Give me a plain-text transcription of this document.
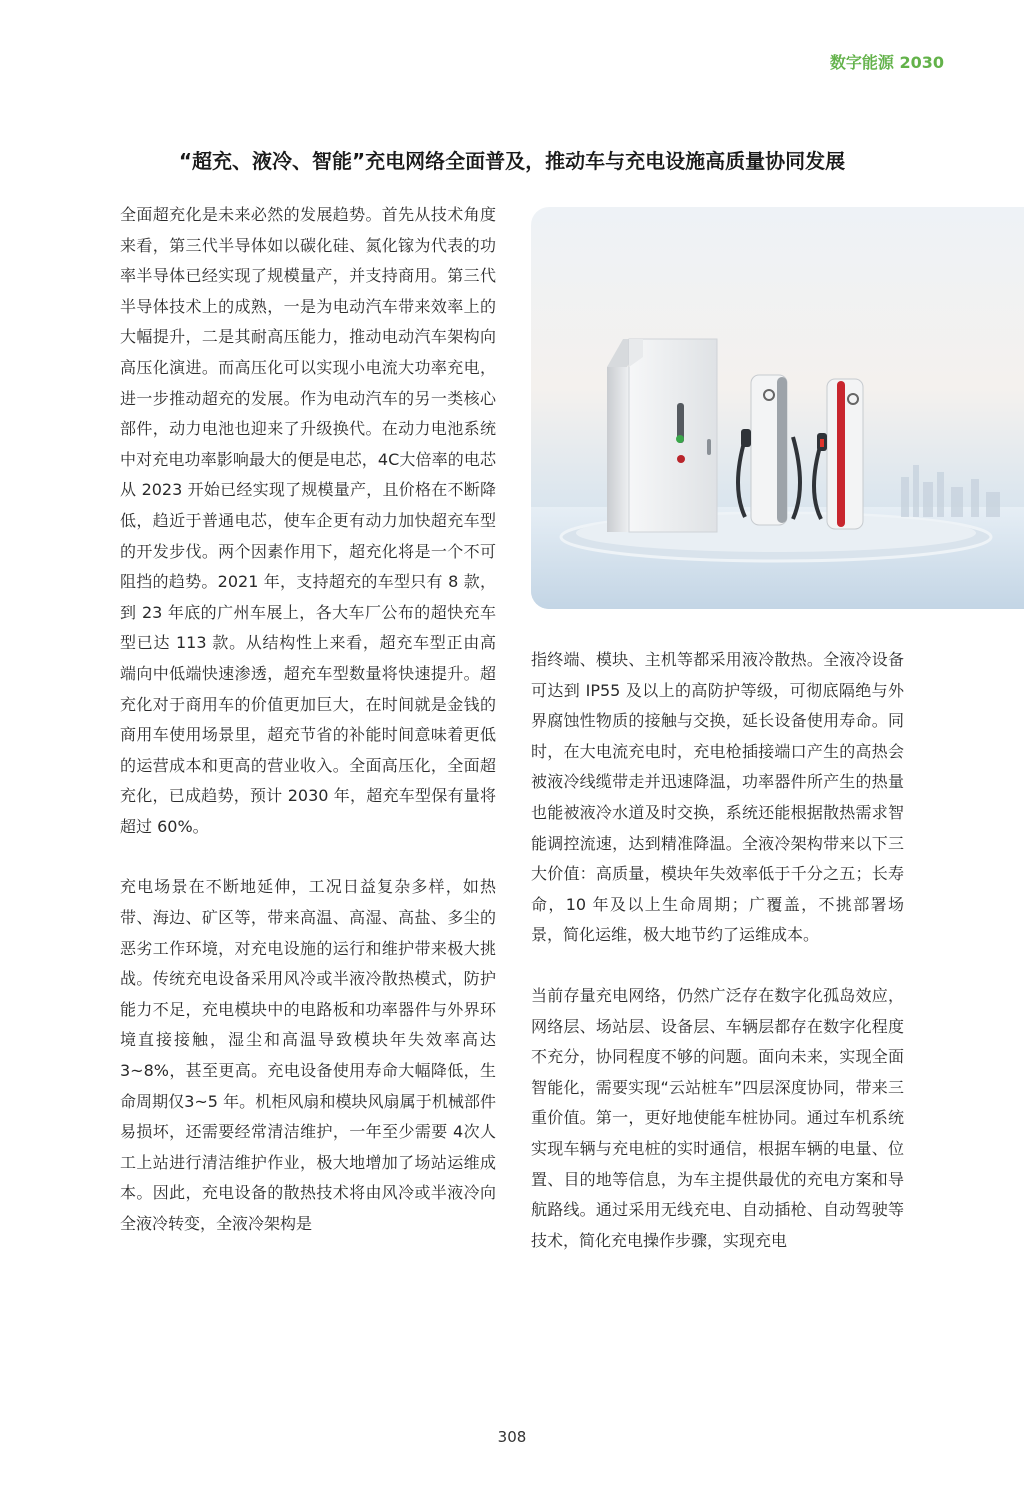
数字能源 2030
“超充、液冷、智能”充电网络全面普及，推动车与充电设施高质量协同发展

全面超充化是未来必然的发展趋势。首先从技术角度来看，第三代半导体如以碳化硅、氮化镓为代表的功率半导体已经实现了规模量产，并支持商用。第三代半导体技术上的成熟，一是为电动汽车带来效率上的大幅提升，二是其耐高压能力，推动电动汽车架构向高压化演进。而高压化可以实现小电流大功率充电，进一步推动超充的发展。作为电动汽车的另一类核心部件，动力电池也迎来了升级换代。在动力电池系统中对充电功率影响最大的便是电芯，4C大倍率的电芯从 2023 开始已经实现了规模量产，且价格在不断降低，趋近于普通电芯，使车企更有动力加快超充车型的开发步伐。两个因素作用下，超充化将是一个不可阻挡的趋势。2021 年，支持超充的车型只有 8 款，到 23 年底的广州车展上，各大车厂公布的超快充车型已达 113 款。从结构性上来看，超充车型正由高端向中低端快速渗透，超充车型数量将快速提升。超充化对于商用车的价值更加巨大，在时间就是金钱的商用车使用场景里，超充节省的补能时间意味着更低的运营成本和更高的营业收入。全面高压化，全面超充化，已成趋势，预计 2030 年，超充车型保有量将超过 60%。

充电场景在不断地延伸，工况日益复杂多样，如热带、海边、矿区等，带来高温、高湿、高盐、多尘的恶劣工作环境，对充电设施的运行和维护带来极大挑战。传统充电设备采用风冷或半液冷散热模式，防护能力不足，充电模块中的电路板和功率器件与外界环境直接接触，湿尘和高温导致模块年失效率高达 3~8%，甚至更高。充电设备使用寿命大幅降低，生命周期仅3~5 年。机柜风扇和模块风扇属于机械部件易损坏，还需要经常清洁维护，一年至少需要 4次人工上站进行清洁维护作业，极大地增加了场站运维成本。因此，充电设备的散热技术将由风冷或半液冷向全液冷转变，全液冷架构是

指终端、模块、主机等都采用液冷散热。全液冷设备可达到 IP55 及以上的高防护等级，可彻底隔绝与外界腐蚀性物质的接触与交换，延长设备使用寿命。同时，在大电流充电时，充电枪插接端口产生的高热会被液冷线缆带走并迅速降温，功率器件所产生的热量也能被液冷水道及时交换，系统还能根据散热需求智能调控流速，达到精准降温。全液冷架构带来以下三大价值：高质量，模块年失效率低于千分之五；长寿命，10 年及以上生命周期；广覆盖，不挑部署场景，简化运维，极大地节约了运维成本。

当前存量充电网络，仍然广泛存在数字化孤岛效应，网络层、场站层、设备层、车辆层都存在数字化程度不充分，协同程度不够的问题。面向未来，实现全面智能化，需要实现“云站桩车”四层深度协同，带来三重价值。第一，更好地使能车桩协同。通过车机系统实现车辆与充电桩的实时通信，根据车辆的电量、位置、目的地等信息，为车主提供最优的充电方案和导航路线。通过采用无线充电、自动插枪、自动驾驶等技术，简化充电操作步骤，实现充电

308
